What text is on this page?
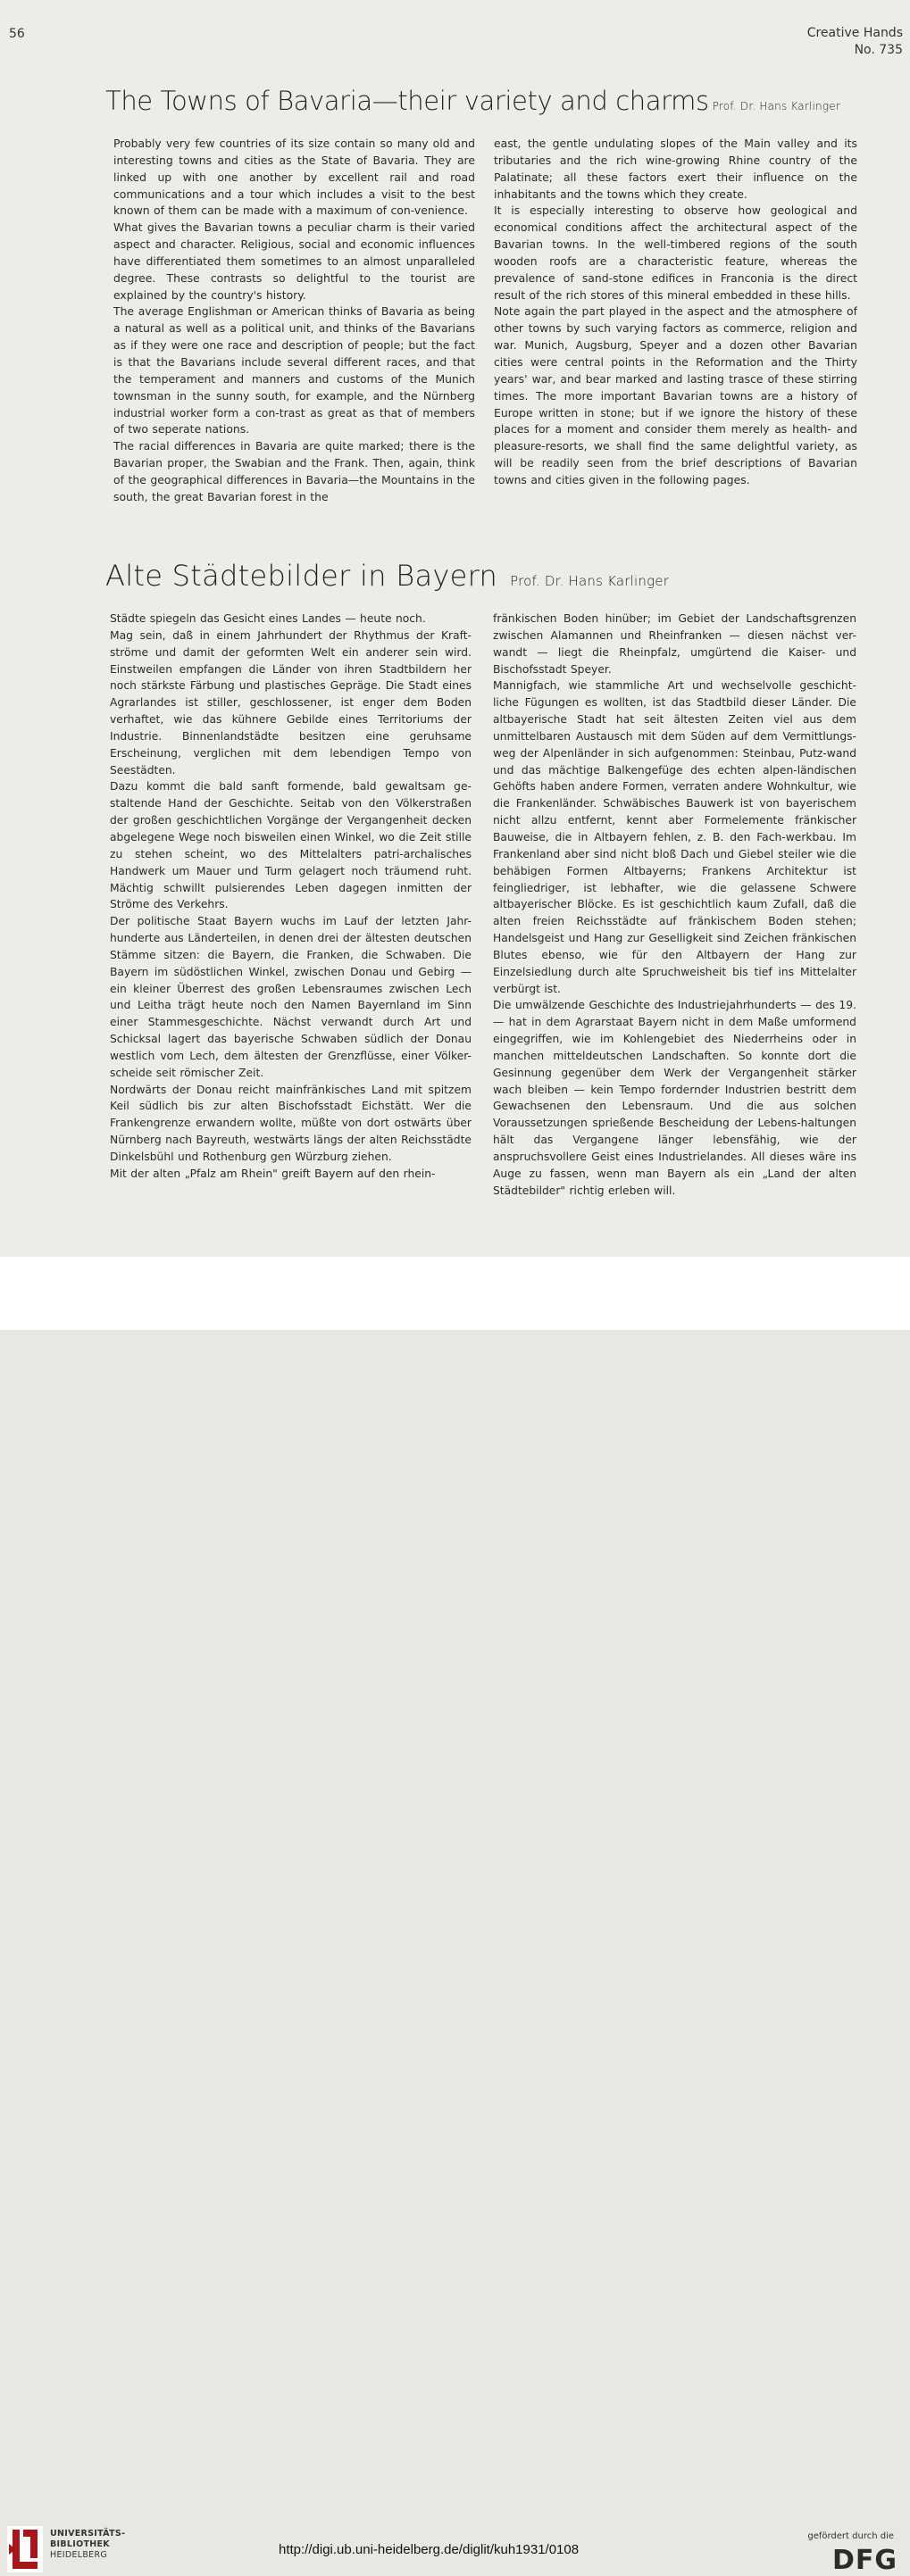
56	Creative Hands
No. 735
The Towns of Bavaria—their variety and charms Prof. Dr. Hans Karlinger

Probably very few countries of its size contain so many old and interesting towns and cities as the State of Bavaria. They are linked up with one another by excellent rail and road communications and a tour which includes a visit to the best known of them can be made with a maximum of con-venience.

What gives the Bavarian towns a peculiar charm is their varied aspect and character. Religious, social and economic influences have differentiated them sometimes to an almost unparalleled degree. These contrasts so delightful to the tourist are explained by the country's history.

The average Englishman or American thinks of Bavaria as being a natural as well as a political unit, and thinks of the Bavarians as if they were one race and description of people; but the fact is that the Bavarians include several different races, and that the temperament and manners and customs of the Munich townsman in the sunny south, for example, and the Nürnberg industrial worker form a con-trast as great as that of members of two seperate nations.

The racial differences in Bavaria are quite marked; there is the Bavarian proper, the Swabian and the Frank. Then, again, think of the geographical differences in Bavaria—the Mountains in the south, the great Bavarian forest in the

east, the gentle undulating slopes of the Main valley and its tributaries and the rich wine-growing Rhine country of the Palatinate; all these factors exert their influence on the inhabitants and the towns which they create.

It is especially interesting to observe how geological and economical conditions affect the architectural aspect of the Bavarian towns. In the well-timbered regions of the south wooden roofs are a characteristic feature, whereas the prevalence of sand-stone edifices in Franconia is the direct result of the rich stores of this mineral embedded in these hills.

Note again the part played in the aspect and the atmosphere of other towns by such varying factors as commerce, religion and war. Munich, Augsburg, Speyer and a dozen other Bavarian cities were central points in the Reformation and the Thirty years' war, and bear marked and lasting trasce of these stirring times. The more important Bavarian towns are a history of Europe written in stone; but if we ignore the history of these places for a moment and consider them merely as health- and pleasure-resorts, we shall find the same delightful variety, as will be readily seen from the brief descriptions of Bavarian towns and cities given in the following pages.

Alte Städtebilder in Bayern Prof. Dr. Hans Karlinger

Städte spiegeln das Gesicht eines Landes — heute noch.

Mag sein, daß in einem Jahrhundert der Rhythmus der Kraft-ströme und damit der geformten Welt ein anderer sein wird. Einstweilen empfangen die Länder von ihren Stadtbildern her noch stärkste Färbung und plastisches Gepräge. Die Stadt eines Agrarlandes ist stiller, geschlossener, ist enger dem Boden verhaftet, wie das kühnere Gebilde eines Territoriums der Industrie. Binnenlandstädte besitzen eine geruhsame Erscheinung, verglichen mit dem lebendigen Tempo von Seestädten.

Dazu kommt die bald sanft formende, bald gewaltsam ge-staltende Hand der Geschichte. Seitab von den Völkerstraßen der großen geschichtlichen Vorgänge der Vergangenheit decken abgelegene Wege noch bisweilen einen Winkel, wo die Zeit stille zu stehen scheint, wo des Mittelalters patri-archalisches Handwerk um Mauer und Turm gelagert noch träumend ruht. Mächtig schwillt pulsierendes Leben dagegen inmitten der Ströme des Verkehrs.

Der politische Staat Bayern wuchs im Lauf der letzten Jahr-hunderte aus Länderteilen, in denen drei der ältesten deutschen Stämme sitzen: die Bayern, die Franken, die Schwaben. Die Bayern im südöstlichen Winkel, zwischen Donau und Gebirg — ein kleiner Überrest des großen Lebensraumes zwischen Lech und Leitha trägt heute noch den Namen Bayernland im Sinn einer Stammesgeschichte. Nächst verwandt durch Art und Schicksal lagert das bayerische Schwaben südlich der Donau westlich vom Lech, dem ältesten der Grenzflüsse, einer Völker-scheide seit römischer Zeit.

Nordwärts der Donau reicht mainfränkisches Land mit spitzem Keil südlich bis zur alten Bischofsstadt Eichstätt. Wer die Frankengrenze erwandern wollte, müßte von dort ostwärts über Nürnberg nach Bayreuth, westwärts längs der alten Reichsstädte Dinkelsbühl und Rothenburg gen Würzburg ziehen.

Mit der alten „Pfalz am Rhein" greift Bayern auf den rhein-

fränkischen Boden hinüber; im Gebiet der Landschaftsgrenzen zwischen Alamannen und Rheinfranken — diesen nächst ver-wandt — liegt die Rheinpfalz, umgürtend die Kaiser- und Bischofsstadt Speyer.

Mannigfach, wie stammliche Art und wechselvolle geschicht-liche Fügungen es wollten, ist das Stadtbild dieser Länder. Die altbayerische Stadt hat seit ältesten Zeiten viel aus dem unmittelbaren Austausch mit dem Süden auf dem Vermittlungs-weg der Alpenländer in sich aufgenommen: Steinbau, Putz-wand und das mächtige Balkengefüge des echten alpen-ländischen Gehöfts haben andere Formen, verraten andere Wohnkultur, wie die Frankenländer. Schwäbisches Bauwerk ist von bayerischem nicht allzu entfernt, kennt aber Formelemente fränkischer Bauweise, die in Altbayern fehlen, z. B. den Fach-werkbau. Im Frankenland aber sind nicht bloß Dach und Giebel steiler wie die behäbigen Formen Altbayerns; Frankens Architektur ist feingliedriger, ist lebhafter, wie die gelassene Schwere altbayerischer Blöcke. Es ist geschichtlich kaum Zufall, daß die alten freien Reichsstädte auf fränkischem Boden stehen; Handelsgeist und Hang zur Geselligkeit sind Zeichen fränkischen Blutes ebenso, wie für den Altbayern der Hang zur Einzelsiedlung durch alte Spruchweisheit bis tief ins Mittelalter verbürgt ist.

Die umwälzende Geschichte des Industriejahrhunderts — des 19. — hat in dem Agrarstaat Bayern nicht in dem Maße umformend eingegriffen, wie im Kohlengebiet des Niederrheins oder in manchen mitteldeutschen Landschaften. So konnte dort die Gesinnung gegenüber dem Werk der Vergangenheit stärker wach bleiben — kein Tempo fordernder Industrien bestritt dem Gewachsenen den Lebensraum. Und die aus solchen Voraussetzungen sprießende Bescheidung der Lebens-haltungen hält das Vergangene länger lebensfähig, wie der anspruchsvollere Geist eines Industrielandes. All dieses wäre ins Auge zu fassen, wenn man Bayern als ein „Land der alten Städtebilder" richtig erleben will.

UNIVERSITÄTS-
BIBLIOTHEK
HEIDELBERG	http://digi.ub.uni-heidelberg.de/diglit/kuh1931/0108
gefördert durch die
DFG
